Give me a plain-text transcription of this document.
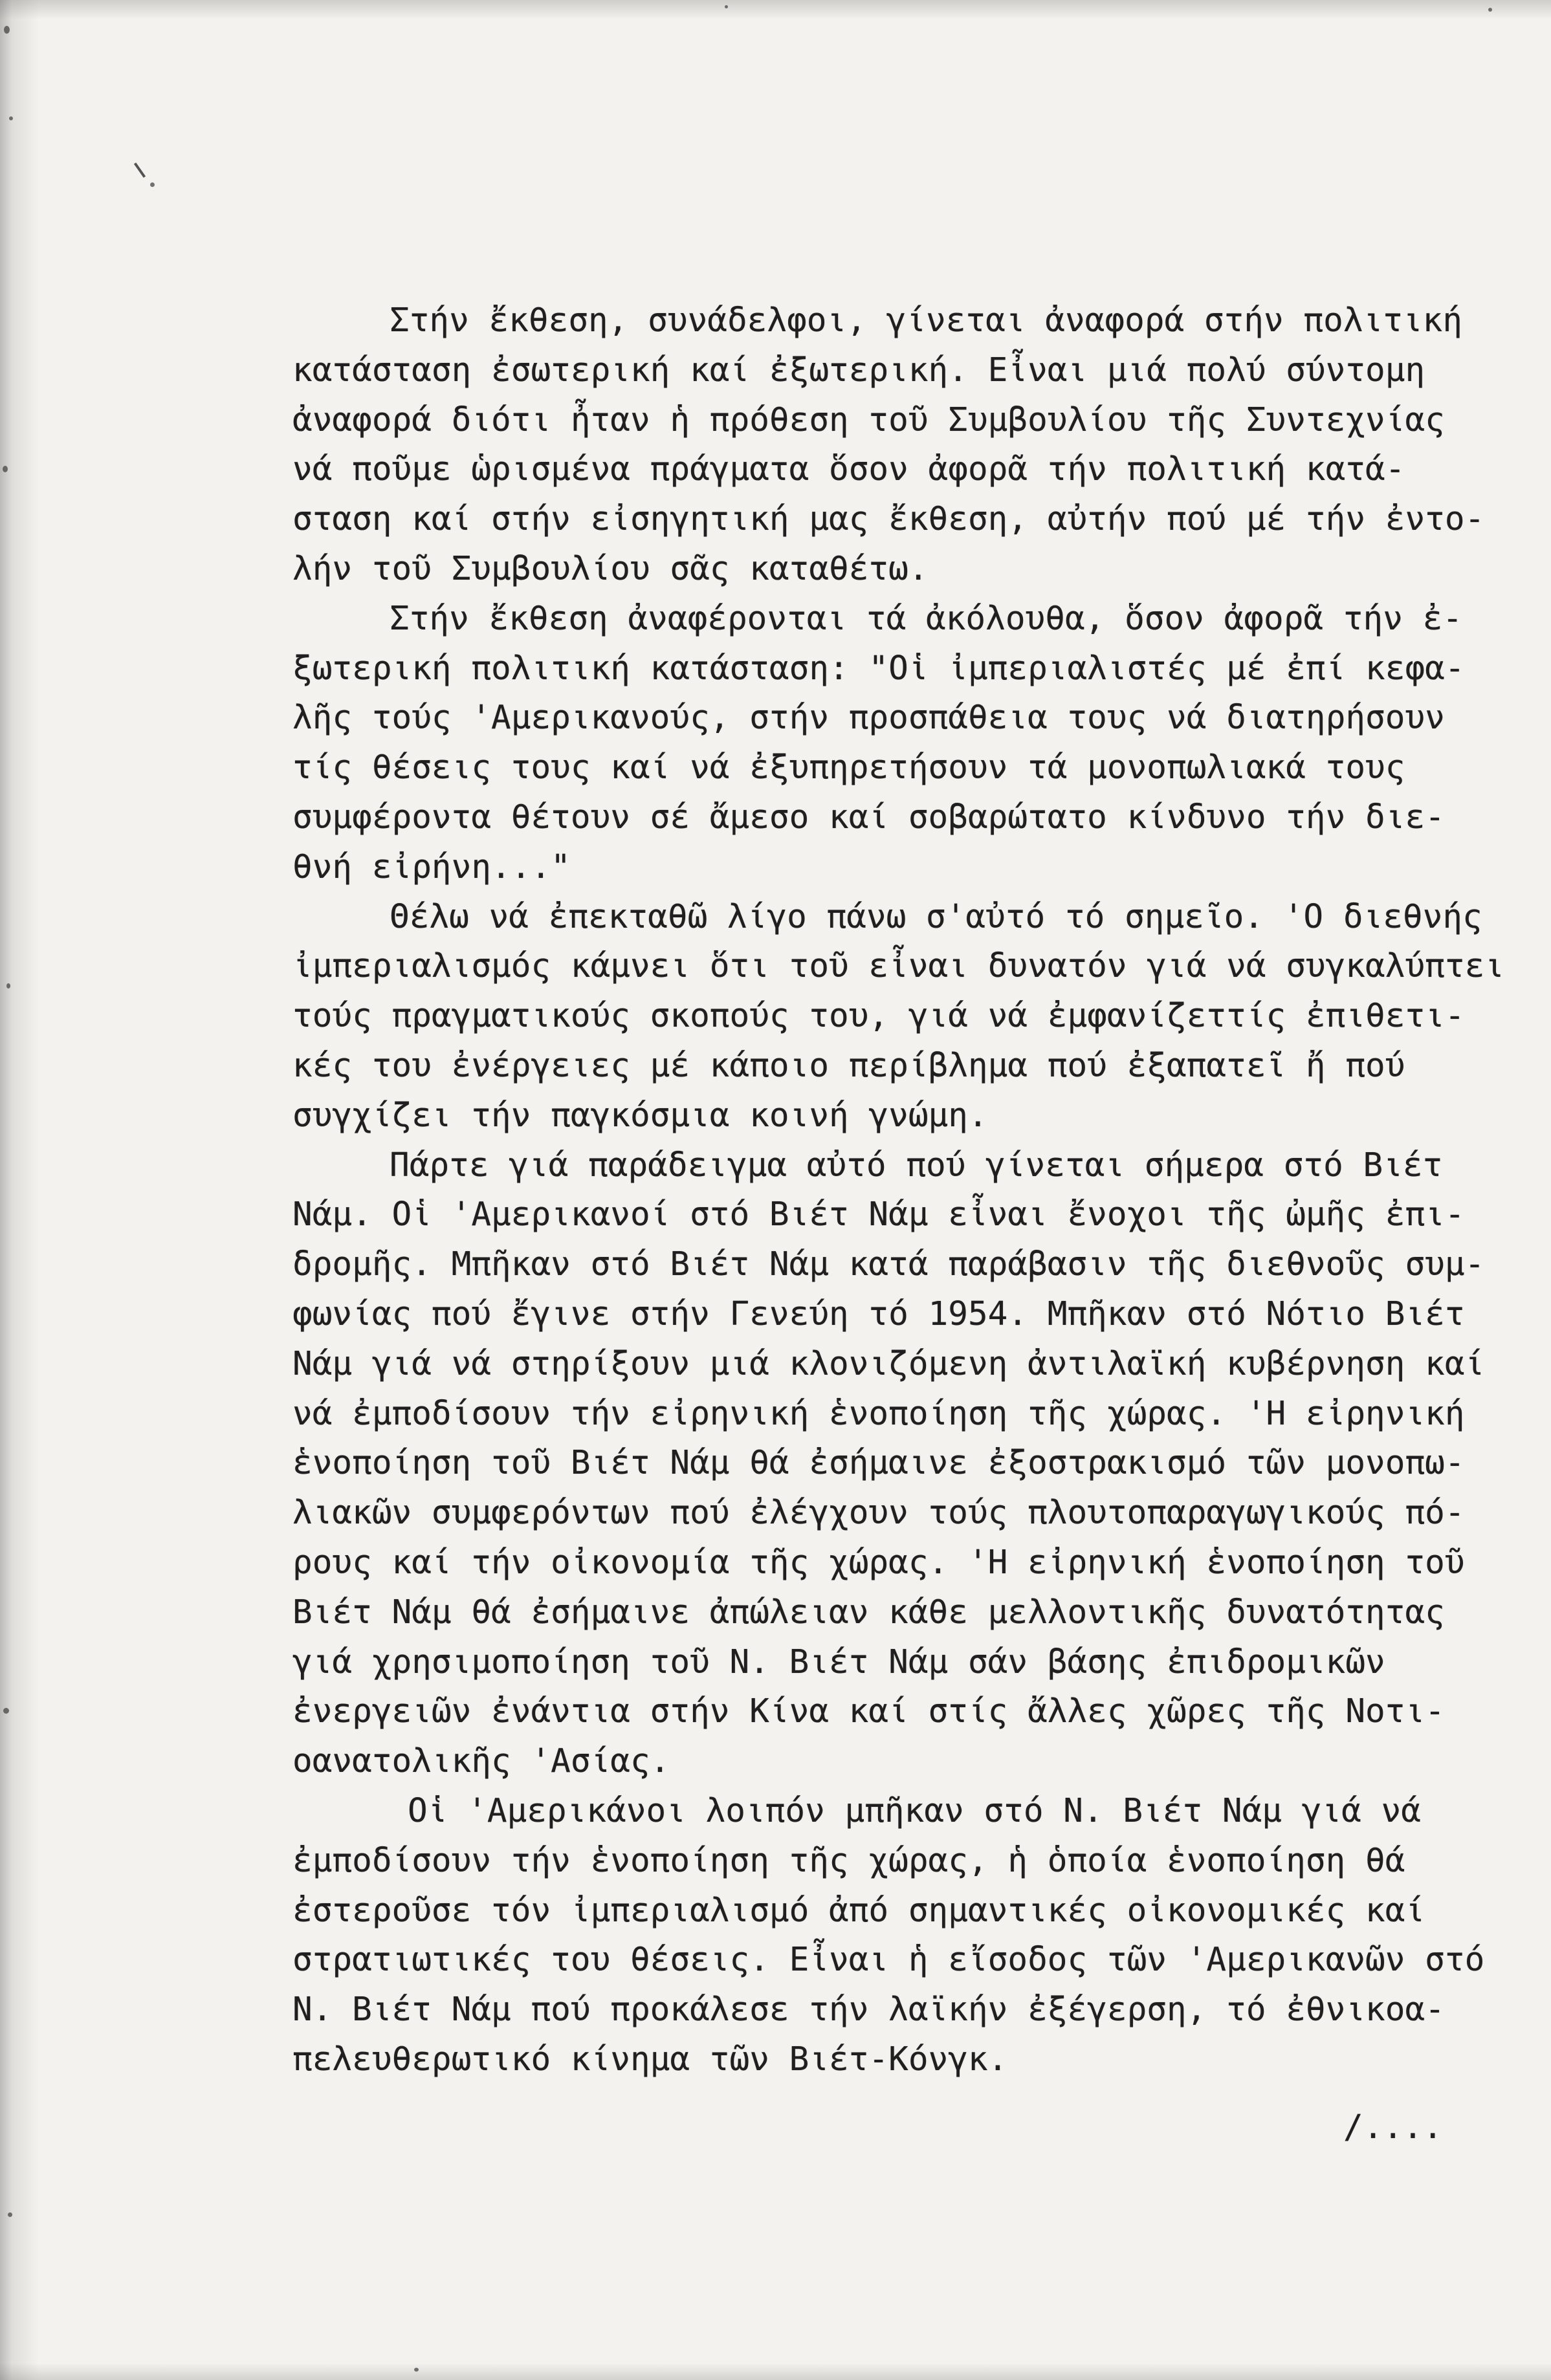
Στήν ἔκθεση, συνάδελφοι, γίνεται ἀναφορά στήν πολιτική
κατάσταση ἐσωτερική καί ἐξωτερική. Εἶναι μιά πολύ σύντομη
ἀναφορά διότι ἦταν ἡ πρόθεση τοῦ Συμβουλίου τῆς Συντεχνίας
νά ποῦμε ὡρισμένα πράγματα ὅσον ἀφορᾶ τήν πολιτική κατά-
σταση καί στήν εἰσηγητική μας ἔκθεση, αὐτήν πού μέ τήν ἐντο-
λήν τοῦ Συμβουλίου σᾶς καταθέτω.
Στήν ἔκθεση ἀναφέρονται τά ἀκόλουθα, ὅσον ἀφορᾶ τήν ἐ-
ξωτερική πολιτική κατάσταση: "Οἱ ἰμπεριαλιστές μέ ἐπί κεφα-
λῆς τούς 'Αμερικανούς, στήν προσπάθεια τους νά διατηρήσουν
τίς θέσεις τους καί νά ἐξυπηρετήσουν τά μονοπωλιακά τους
συμφέροντα θέτουν σέ ἄμεσο καί σοβαρώτατο κίνδυνο τήν διε-
θνή εἰρήνη..."
Θέλω νά ἐπεκταθῶ λίγο πάνω σ'αὐτό τό σημεῖο. 'Ο διεθνής
ἰμπεριαλισμός κάμνει ὅτι τοῦ εἶναι δυνατόν γιά νά συγκαλύπτει
τούς πραγματικούς σκοπούς του, γιά νά ἐμφανίζεττίς ἐπιθετι-
κές του ἐνέργειες μέ κάποιο περίβλημα πού ἐξαπατεῖ ἤ πού
συγχίζει τήν παγκόσμια κοινή γνώμη.
Πάρτε γιά παράδειγμα αὐτό πού γίνεται σήμερα στό Βιέτ
Νάμ. Οἱ 'Αμερικανοί στό Βιέτ Νάμ εἶναι ἔνοχοι τῆς ὠμῆς ἐπι-
δρομῆς. Μπῆκαν στό Βιέτ Νάμ κατά παράβασιν τῆς διεθνοῦς συμ-
φωνίας πού ἔγινε στήν Γενεύη τό 1954. Μπῆκαν στό Νότιο Βιέτ
Νάμ γιά νά στηρίξουν μιά κλονιζόμενη ἀντιλαϊκή κυβέρνηση καί
νά ἐμποδίσουν τήν εἰρηνική ἑνοποίηση τῆς χώρας. 'Η εἰρηνική
ἑνοποίηση τοῦ Βιέτ Νάμ θά ἐσήμαινε ἐξοστρακισμό τῶν μονοπω-
λιακῶν συμφερόντων πού ἐλέγχουν τούς πλουτοπαραγωγικούς πό-
ρους καί τήν οἰκονομία τῆς χώρας. 'Η εἰρηνική ἑνοποίηση τοῦ
Βιέτ Νάμ θά ἐσήμαινε ἀπώλειαν κάθε μελλοντικῆς δυνατότητας
γιά χρησιμοποίηση τοῦ Ν. Βιέτ Νάμ σάν βάσης ἐπιδρομικῶν
ἐνεργειῶν ἐνάντια στήν Κίνα καί στίς ἄλλες χῶρες τῆς Νοτι-
οανατολικῆς 'Ασίας.
Οἱ 'Αμερικάνοι λοιπόν μπῆκαν στό Ν. Βιέτ Νάμ γιά νά
ἐμποδίσουν τήν ἑνοποίηση τῆς χώρας, ἡ ὁποία ἑνοποίηση θά
ἐστεροῦσε τόν ἰμπεριαλισμό ἀπό σημαντικές οἰκονομικές καί
στρατιωτικές του θέσεις. Εἶναι ἡ εἴσοδος τῶν 'Αμερικανῶν στό
Ν. Βιέτ Νάμ πού προκάλεσε τήν λαϊκήν ἐξέγερση, τό ἐθνικοα-
πελευθερωτικό κίνημα τῶν Βιέτ-Κόνγκ.
/....
